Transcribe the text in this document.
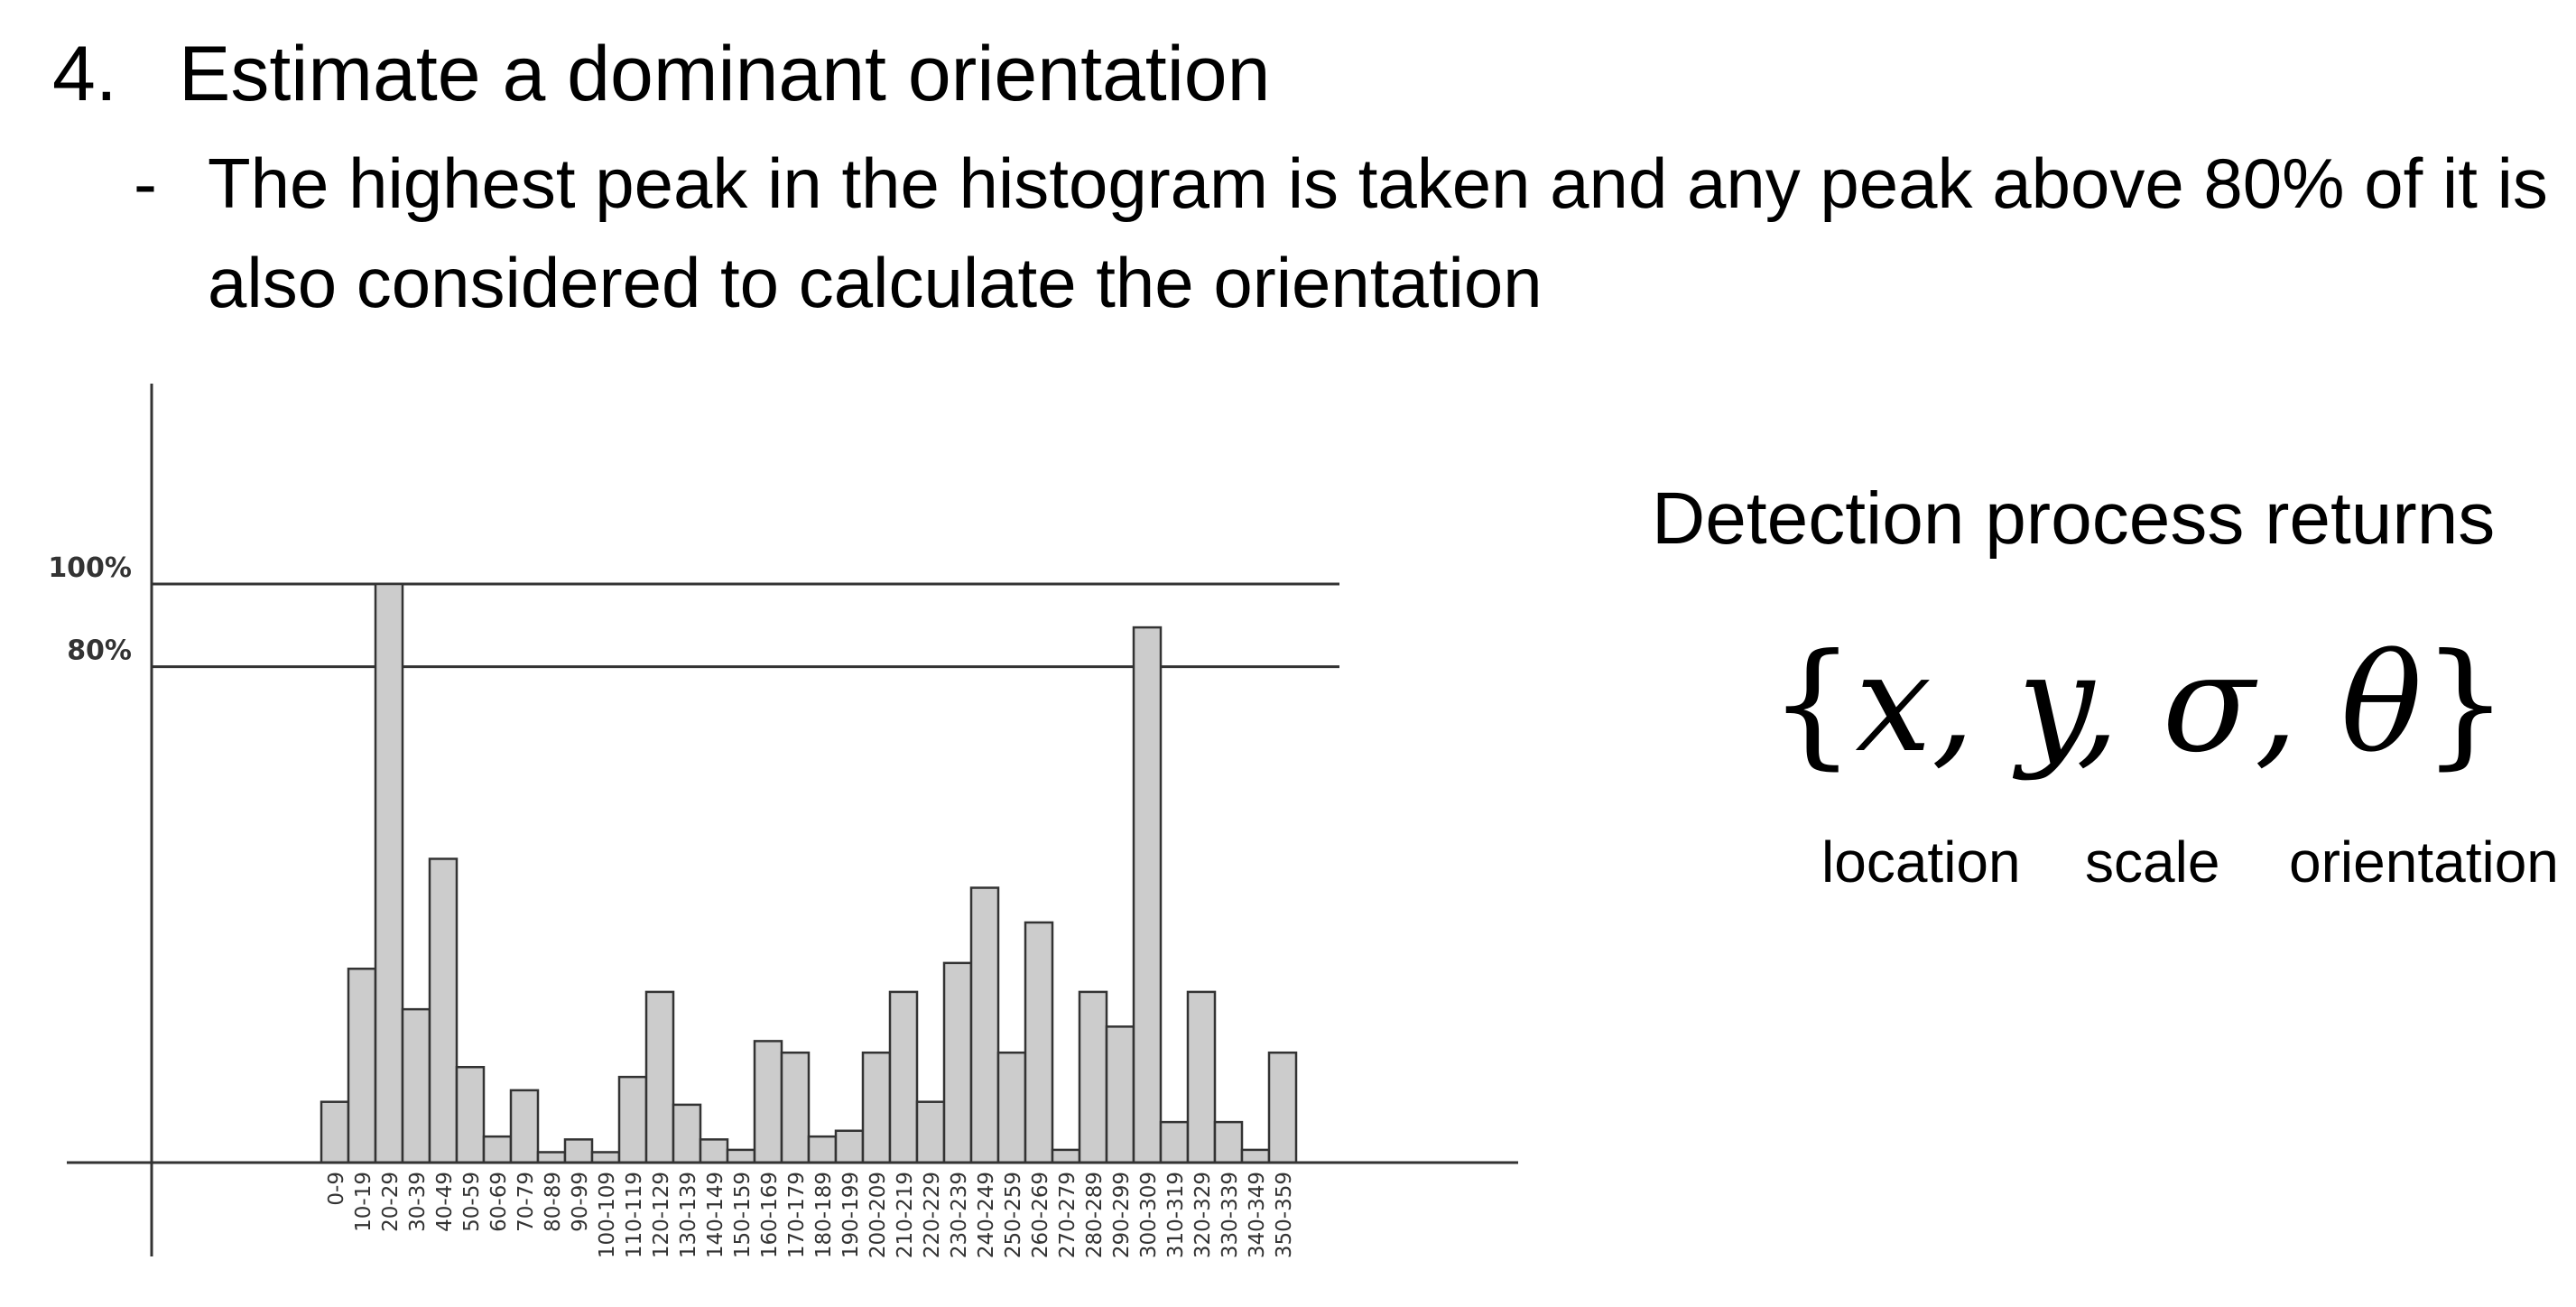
4. Estimate a dominant orientation
- The highest peak in the histogram is taken and any peak above 80% of it is also considered to calculate the orientation
100%
80%
0-9 10-19 20-29 30-39 40-49 50-59 60-69 70-79 80-89 90-99 100-109 110-119 120-129 130-139 140-149 150-159 160-169 170-179 180-189 190-199 200-209 210-219 220-229 230-239 240-249 250-259 260-269 270-279 280-289 290-299 300-309 310-319 320-329 330-339 340-349 350-359
Detection process returns
{x, y, σ, θ}
location scale orientation
